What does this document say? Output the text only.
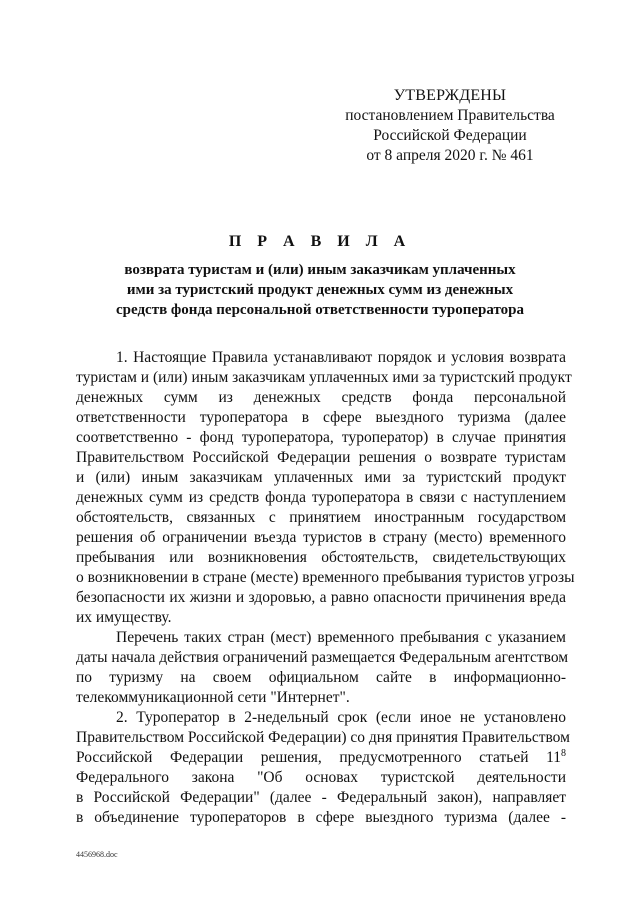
УТВЕРЖДЕНЫ
постановлением Правительства
Российской Федерации
от 8 апреля 2020 г. № 461
П Р А В И Л А
возврата туристам и (или) иным заказчикам уплаченных
ими за туристский продукт денежных сумм из денежных
средств фонда персональной ответственности туроператора
1. Настоящие Правила устанавливают порядок и условия возврата
туристам и (или) иным заказчикам уплаченных ими за туристский продукт
денежных сумм из денежных средств фонда персональной
ответственности туроператора в сфере выездного туризма (далее
соответственно - фонд туроператора, туроператор) в случае принятия
Правительством Российской Федерации решения о возврате туристам
и (или) иным заказчикам уплаченных ими за туристский продукт
денежных сумм из средств фонда туроператора в связи с наступлением
обстоятельств, связанных с принятием иностранным государством
решения об ограничении въезда туристов в страну (место) временного
пребывания или возникновения обстоятельств, свидетельствующих
о возникновении в стране (месте) временного пребывания туристов угрозы
безопасности их жизни и здоровью, а равно опасности причинения вреда
их имуществу.
Перечень таких стран (мест) временного пребывания с указанием
даты начала действия ограничений размещается Федеральным агентством
по туризму на своем официальном сайте в информационно-
телекоммуникационной сети "Интернет".
2. Туроператор в 2-недельный срок (если иное не установлено
Правительством Российской Федерации) со дня принятия Правительством
Российской Федерации решения, предусмотренного статьей $11^8$
Федерального закона "Об основах туристской деятельности
в Российской Федерации" (далее - Федеральный закон), направляет
в объединение туроператоров в сфере выездного туризма (далее -
4456968.doc
